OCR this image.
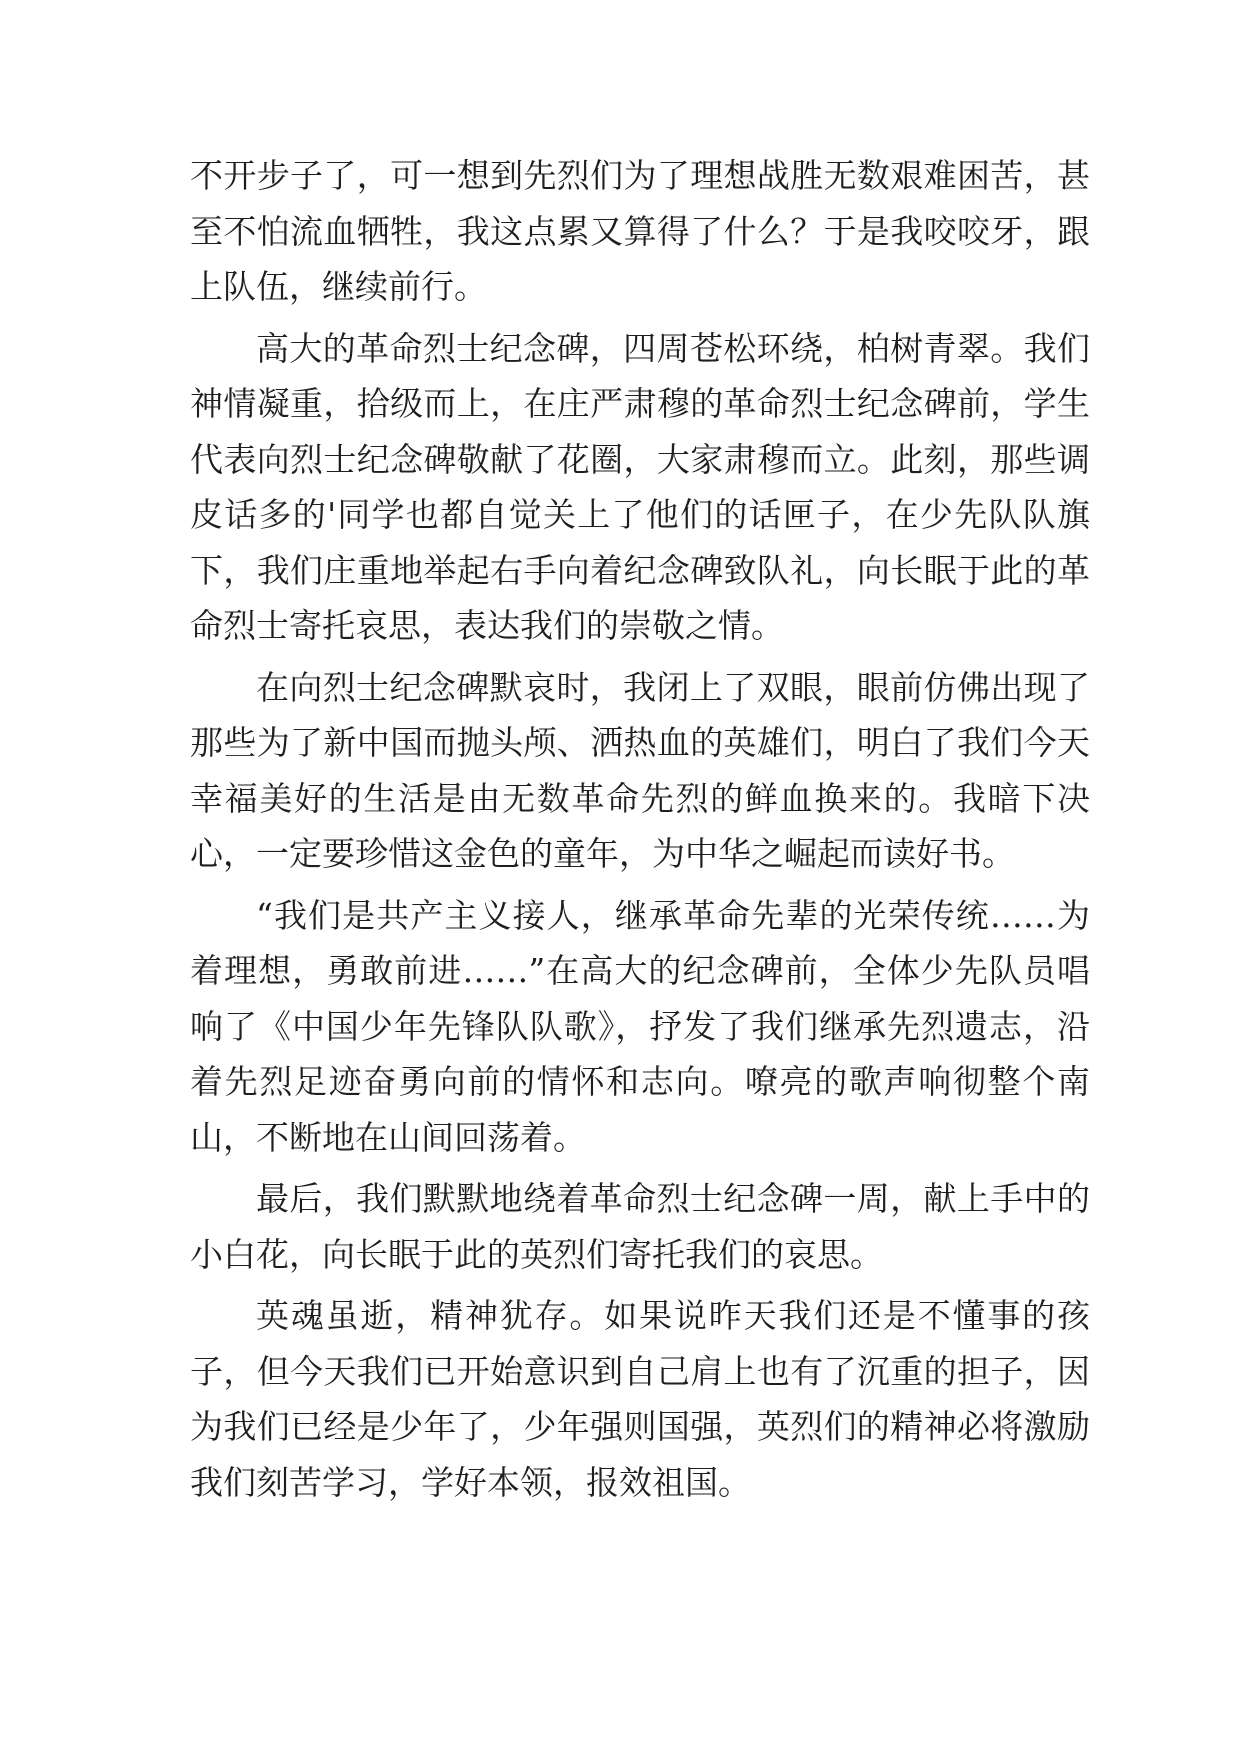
不开步子了，可一想到先烈们为了理想战胜无数艰难困苦，甚至不怕流血牺牲，我这点累又算得了什么？于是我咬咬牙，跟上队伍，继续前行。

高大的革命烈士纪念碑，四周苍松环绕，柏树青翠。我们神情凝重，拾级而上，在庄严肃穆的革命烈士纪念碑前，学生代表向烈士纪念碑敬献了花圈，大家肃穆而立。此刻，那些调皮话多的'同学也都自觉关上了他们的话匣子，在少先队队旗下，我们庄重地举起右手向着纪念碑致队礼，向长眠于此的革命烈士寄托哀思，表达我们的崇敬之情。

在向烈士纪念碑默哀时，我闭上了双眼，眼前仿佛出现了那些为了新中国而抛头颅、洒热血的英雄们，明白了我们今天幸福美好的生活是由无数革命先烈的鲜血换来的。我暗下决心，一定要珍惜这金色的童年，为中华之崛起而读好书。

“我们是共产主义接人，继承革命先辈的光荣传统……为着理想，勇敢前进……”在高大的纪念碑前，全体少先队员唱响了《中国少年先锋队队歌》，抒发了我们继承先烈遗志，沿着先烈足迹奋勇向前的情怀和志向。嘹亮的歌声响彻整个南山，不断地在山间回荡着。

最后，我们默默地绕着革命烈士纪念碑一周，献上手中的小白花，向长眠于此的英烈们寄托我们的哀思。

英魂虽逝，精神犹存。如果说昨天我们还是不懂事的孩子，但今天我们已开始意识到自己肩上也有了沉重的担子，因为我们已经是少年了，少年强则国强，英烈们的精神必将激励我们刻苦学习，学好本领，报效祖国。
